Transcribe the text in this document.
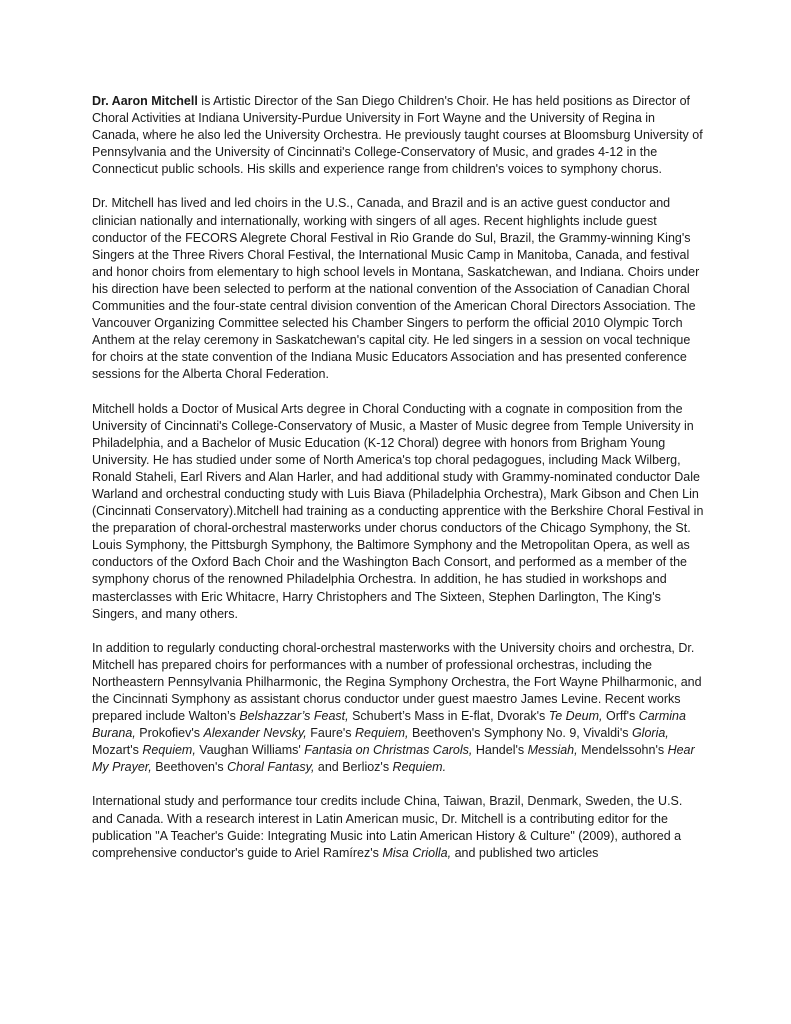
Dr. Aaron Mitchell is Artistic Director of the San Diego Children's Choir. He has held positions as Director of Choral Activities at Indiana University-Purdue University in Fort Wayne and the University of Regina in Canada, where he also led the University Orchestra. He previously taught courses at Bloomsburg University of Pennsylvania and the University of Cincinnati's College-Conservatory of Music, and grades 4-12 in the Connecticut public schools. His skills and experience range from children's voices to symphony chorus.

Dr. Mitchell has lived and led choirs in the U.S., Canada, and Brazil and is an active guest conductor and clinician nationally and internationally, working with singers of all ages. Recent highlights include guest conductor of the FECORS Alegrete Choral Festival in Rio Grande do Sul, Brazil, the Grammy-winning King's Singers at the Three Rivers Choral Festival, the International Music Camp in Manitoba, Canada, and festival and honor choirs from elementary to high school levels in Montana, Saskatchewan, and Indiana. Choirs under his direction have been selected to perform at the national convention of the Association of Canadian Choral Communities and the four-state central division convention of the American Choral Directors Association. The Vancouver Organizing Committee selected his Chamber Singers to perform the official 2010 Olympic Torch Anthem at the relay ceremony in Saskatchewan's capital city. He led singers in a session on vocal technique for choirs at the state convention of the Indiana Music Educators Association and has presented conference sessions for the Alberta Choral Federation.

Mitchell holds a Doctor of Musical Arts degree in Choral Conducting with a cognate in composition from the University of Cincinnati's College-Conservatory of Music, a Master of Music degree from Temple University in Philadelphia, and a Bachelor of Music Education (K-12 Choral) degree with honors from Brigham Young University. He has studied under some of North America's top choral pedagogues, including Mack Wilberg, Ronald Staheli, Earl Rivers and Alan Harler, and had additional study with Grammy-nominated conductor Dale Warland and orchestral conducting study with Luis Biava (Philadelphia Orchestra), Mark Gibson and Chen Lin (Cincinnati Conservatory).Mitchell had training as a conducting apprentice with the Berkshire Choral Festival in the preparation of choral-orchestral masterworks under chorus conductors of the Chicago Symphony, the St. Louis Symphony, the Pittsburgh Symphony, the Baltimore Symphony and the Metropolitan Opera, as well as conductors of the Oxford Bach Choir and the Washington Bach Consort, and performed as a member of the symphony chorus of the renowned Philadelphia Orchestra. In addition, he has studied in workshops and masterclasses with Eric Whitacre, Harry Christophers and The Sixteen, Stephen Darlington, The King's Singers, and many others.

In addition to regularly conducting choral-orchestral masterworks with the University choirs and orchestra, Dr. Mitchell has prepared choirs for performances with a number of professional orchestras, including the Northeastern Pennsylvania Philharmonic, the Regina Symphony Orchestra, the Fort Wayne Philharmonic, and the Cincinnati Symphony as assistant chorus conductor under guest maestro James Levine. Recent works prepared include Walton’s Belshazzar’s Feast, Schubert’s Mass in E-flat, Dvorak's Te Deum, Orff's Carmina Burana, Prokofiev's Alexander Nevsky, Faure's Requiem, Beethoven's Symphony No. 9, Vivaldi's Gloria, Mozart's Requiem, Vaughan Williams' Fantasia on Christmas Carols, Handel's Messiah, Mendelssohn's Hear My Prayer, Beethoven's Choral Fantasy, and Berlioz's Requiem.

International study and performance tour credits include China, Taiwan, Brazil, Denmark, Sweden, the U.S. and Canada. With a research interest in Latin American music, Dr. Mitchell is a contributing editor for the publication "A Teacher's Guide: Integrating Music into Latin American History & Culture" (2009), authored a comprehensive conductor's guide to Ariel Ramírez's Misa Criolla, and published two articles
